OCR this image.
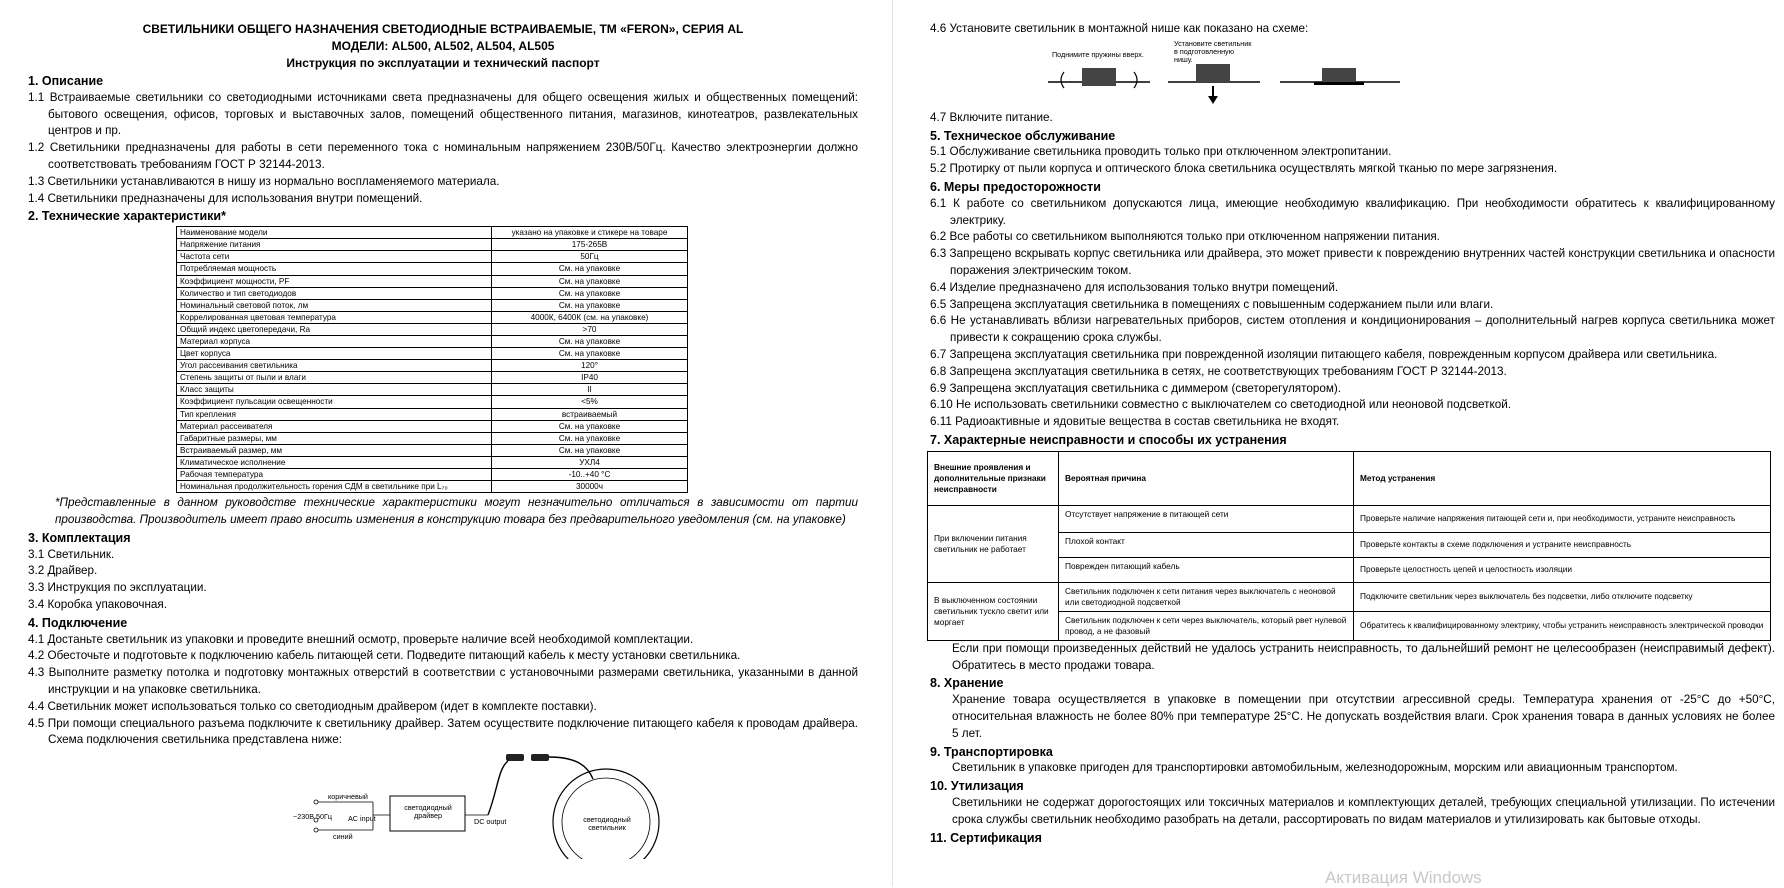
СВЕТИЛЬНИКИ ОБЩЕГО НАЗНАЧЕНИЯ СВЕТОДИОДНЫЕ ВСТРАИВАЕМЫЕ, ТМ «FERON», СЕРИЯ AL
МОДЕЛИ: AL500, AL502, AL504, AL505
Инструкция по эксплуатации и технический паспорт
1. Описание
1.1 Встраиваемые светильники со светодиодными источниками света предназначены для общего освещения жилых и общественных помещений: бытового освещения, офисов, торговых и выставочных залов, помещений общественного питания, магазинов, кинотеатров, развлекательных центров и пр.
1.2 Светильники предназначены для работы в сети переменного тока с номинальным напряжением 230В/50Гц. Качество электроэнергии должно соответствовать требованиям ГОСТ Р 32144-2013.
1.3 Светильники устанавливаются в нишу из нормально воспламеняемого материала.
1.4 Светильники предназначены для использования внутри помещений.
2. Технические характеристики*
Наименование модели	указано на упаковке и стикере на товаре
Напряжение питания	175-265В
Частота сети	50Гц
Потребляемая мощность	См. на упаковке
Коэффициент мощности, PF	См. на упаковке
Количество и тип светодиодов	См. на упаковке
Номинальный световой поток, лм	См. на упаковке
Коррелированная цветовая температура	4000К, 6400К (см. на упаковке)
Общий индекс цветопередачи, Ra	>70
Материал корпуса	См. на упаковке
Цвет корпуса	См. на упаковке
Угол рассеивания светильника	120°
Степень защиты от пыли и влаги	IP40
Класс защиты	II
Коэффициент пульсации освещенности	<5%
Тип крепления	встраиваемый
Материал рассеивателя	См. на упаковке
Габаритные размеры, мм	См. на упаковке
Встраиваемый размер, мм	См. на упаковке
Климатическое исполнение	УХЛ4
Рабочая температура	-10..+40 °С
Номинальная продолжительность горения СДМ в светильнике при L₇₀	30000ч
*Представленные в данном руководстве технические характеристики могут незначительно отличаться в зависимости от партии производства. Производитель имеет право вносить изменения в конструкцию товара без предварительного уведомления (см. на упаковке)
3. Комплектация
3.1 Светильник.
3.2 Драйвер.
3.3 Инструкция по эксплуатации.
3.4 Коробка упаковочная.
4. Подключение
4.1 Достаньте светильник из упаковки и проведите внешний осмотр, проверьте наличие всей необходимой комплектации.
4.2 Обесточьте и подготовьте к подключению кабель питающей сети. Подведите питающий кабель к месту установки светильника.
4.3 Выполните разметку потолка и подготовку монтажных отверстий в соответствии с установочными размерами светильника, указанными в данной инструкции и на упаковке светильника.
4.4 Светильник может использоваться только со светодиодным драйвером (идет в комплекте поставки).
4.5 При помощи специального разъема подключите к светильнику драйвер. Затем осуществите подключение питающего кабеля к проводам драйвера. Схема подключения светильника представлена ниже:
~230В 50Гц
коричневый
синий
AC input
светодиодный драйвер
DC output	светодиодный светильник
4.6 Установите светильник в монтажной нише как показано на схеме:
Поднимите пружины вверх.
Установите светильник в подготовленную нишу.
4.7 Включите питание.
5. Техническое обслуживание
5.1 Обслуживание светильника проводить только при отключенном электропитании.
5.2 Протирку от пыли корпуса и оптического блока светильника осуществлять мягкой тканью по мере загрязнения.
6. Меры предосторожности
6.1 К работе со светильником допускаются лица, имеющие необходимую квалификацию. При необходимости обратитесь к квалифицированному электрику.
6.2 Все работы со светильником выполняются только при отключенном напряжении питания.
6.3 Запрещено вскрывать корпус светильника или драйвера, это может привести к повреждению внутренних частей конструкции светильника и опасности поражения электрическим током.
6.4 Изделие предназначено для использования только внутри помещений.
6.5 Запрещена эксплуатация светильника в помещениях с повышенным содержанием пыли или влаги.
6.6 Не устанавливать вблизи нагревательных приборов, систем отопления и кондиционирования – дополнительный нагрев корпуса светильника может привести к сокращению срока службы.
6.7 Запрещена эксплуатация светильника при поврежденной изоляции питающего кабеля, поврежденным корпусом драйвера или светильника.
6.8 Запрещена эксплуатация светильника в сетях, не соответствующих требованиям ГОСТ Р 32144-2013.
6.9 Запрещена эксплуатация светильника с диммером (светорегулятором).
6.10 Не использовать светильники совместно с выключателем со светодиодной или неоновой подсветкой.
6.11 Радиоактивные и ядовитые вещества в состав светильника не входят.
7. Характерные неисправности и способы их устранения
Внешние проявления и дополнительные признаки неисправности	Вероятная причина	Метод устранения
При включении питания светильник не работает	Отсутствует напряжение в питающей сети	Проверьте наличие напряжения питающей сети и, при необходимости, устраните неисправность
	Плохой контакт	Проверьте контакты в схеме подключения и устраните неисправность
	Поврежден питающий кабель	Проверьте целостность цепей и целостность изоляции
В выключенном состоянии светильник тускло светит или моргает	Светильник подключен к сети питания через выключатель с неоновой или светодиодной подсветкой	Подключите светильник через выключатель без подсветки, либо отключите подсветку
	Светильник подключен к сети через выключатель, который рвет нулевой провод, а не фазовый	Обратитесь к квалифицированному электрику, чтобы устранить неисправность электрической проводки
Если при помощи произведенных действий не удалось устранить неисправность, то дальнейший ремонт не целесообразен (неисправимый дефект). Обратитесь в место продажи товара.
8. Хранение
Хранение товара осуществляется в упаковке в помещении при отсутствии агрессивной среды. Температура хранения от -25°С до +50°С, относительная влажность не более 80% при температуре 25°С. Не допускать воздействия влаги. Срок хранения товара в данных условиях не более 5 лет.
9. Транспортировка
Светильник в упаковке пригоден для транспортировки автомобильным, железнодорожным, морским или авиационным транспортом.
10. Утилизация
Светильники не содержат дорогостоящих или токсичных материалов и комплектующих деталей, требующих специальной утилизации. По истечении срока службы светильник необходимо разобрать на детали, рассортировать по видам материалов и утилизировать как бытовые отходы.
11. Сертификация
Активация Windows
